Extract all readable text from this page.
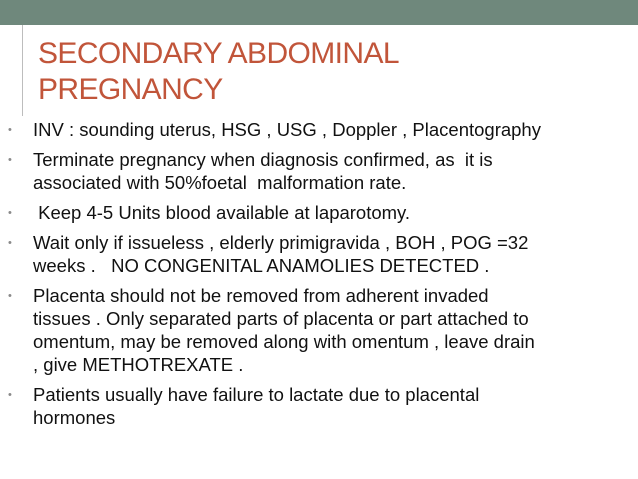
SECONDARY ABDOMINAL
PREGNANCY
• INV : sounding uterus, HSG , USG , Doppler , Placentography
• Terminate pregnancy when diagnosis confirmed, as  it is
associated with 50%foetal  malformation rate.
• Keep 4-5 Units blood available at laparotomy.
• Wait only if issueless , elderly primigravida , BOH , POG =32
weeks .   NO CONGENITAL ANAMOLIES DETECTED .
• Placenta should not be removed from adherent invaded
tissues . Only separated parts of placenta or part attached to
omentum, may be removed along with omentum , leave drain
, give METHOTREXATE .
• Patients usually have failure to lactate due to placental
hormones
